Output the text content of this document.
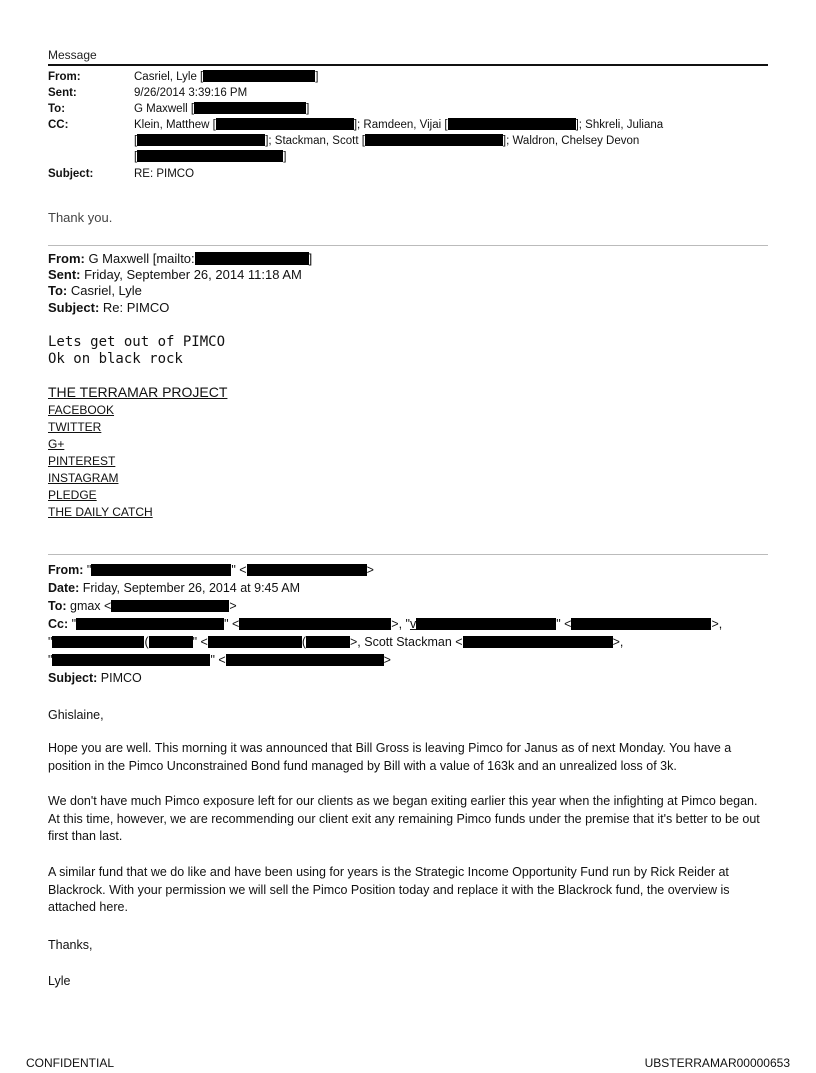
Message
From:	Casriel, Lyle [	]
Sent:	9/26/2014 3:39:16 PM
To:	G Maxwell [	]
CC:	Klein, Matthew [	]; Ramdeen, Vijai [	]; Shkreli, Juliana
[	]; Stackman, Scott [	]; Waldron, Chelsey Devon
[	]
Subject:	RE: PIMCO
Thank you.
From: G Maxwell [mailto:	]
Sent: Friday, September 26, 2014 11:18 AM
To: Casriel, Lyle
Subject: Re: PIMCO
Lets get out of PIMCO
Ok on black rock
THE TERRAMAR PROJECT
FACEBOOK
TWITTER
G+
PINTEREST
INSTAGRAM
PLEDGE
THE DAILY CATCH
From: "	" <	>
Date: Friday, September 26, 2014 at 9:45 AM
To: gmax <	>
Cc: "	" <	>, "v	" <	>,
"	(	" <	(	>, Scott Stackman <	>,
"	" <	>
Subject: PIMCO
Ghislaine,
Hope you are well. This morning it was announced that Bill Gross is leaving Pimco for Janus as of next Monday. You have a position in the Pimco Unconstrained Bond fund managed by Bill with a value of 163k and an unrealized loss of 3k.
We don't have much Pimco exposure left for our clients as we began exiting earlier this year when the infighting at Pimco began. At this time, however, we are recommending our client exit any remaining Pimco funds under the premise that it's better to be out first than last.
A similar fund that we do like and have been using for years is the Strategic Income Opportunity Fund run by Rick Reider at Blackrock. With your permission we will sell the Pimco Position today and replace it with the Blackrock fund, the overview is attached here.
Thanks,
Lyle
CONFIDENTIAL	UBSTERRAMAR00000653
